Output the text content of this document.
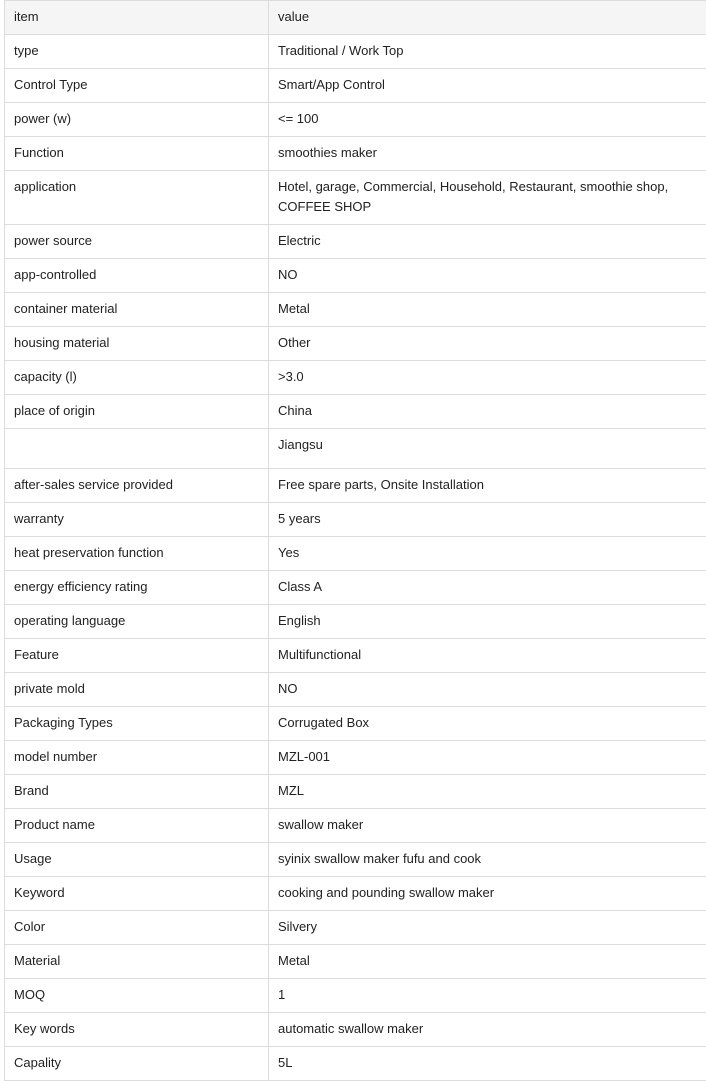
item	value
type	Traditional / Work Top
Control Type	Smart/App Control
power (w)	<= 100
Function	smoothies maker
application	Hotel, garage, Commercial, Household, Restaurant, smoothie shop, COFFEE SHOP
power source	Electric
app-controlled	NO
container material	Metal
housing material	Other
capacity (l)	>3.0
place of origin	China
	Jiangsu
after-sales service provided	Free spare parts, Onsite Installation
warranty	5 years
heat preservation function	Yes
energy efficiency rating	Class A
operating language	English
Feature	Multifunctional
private mold	NO
Packaging Types	Corrugated Box
model number	MZL-001
Brand	MZL
Product name	swallow maker
Usage	syinix swallow maker fufu and cook
Keyword	cooking and pounding swallow maker
Color	Silvery
Material	Metal
MOQ	1
Key words	automatic swallow maker
Capality	5L
